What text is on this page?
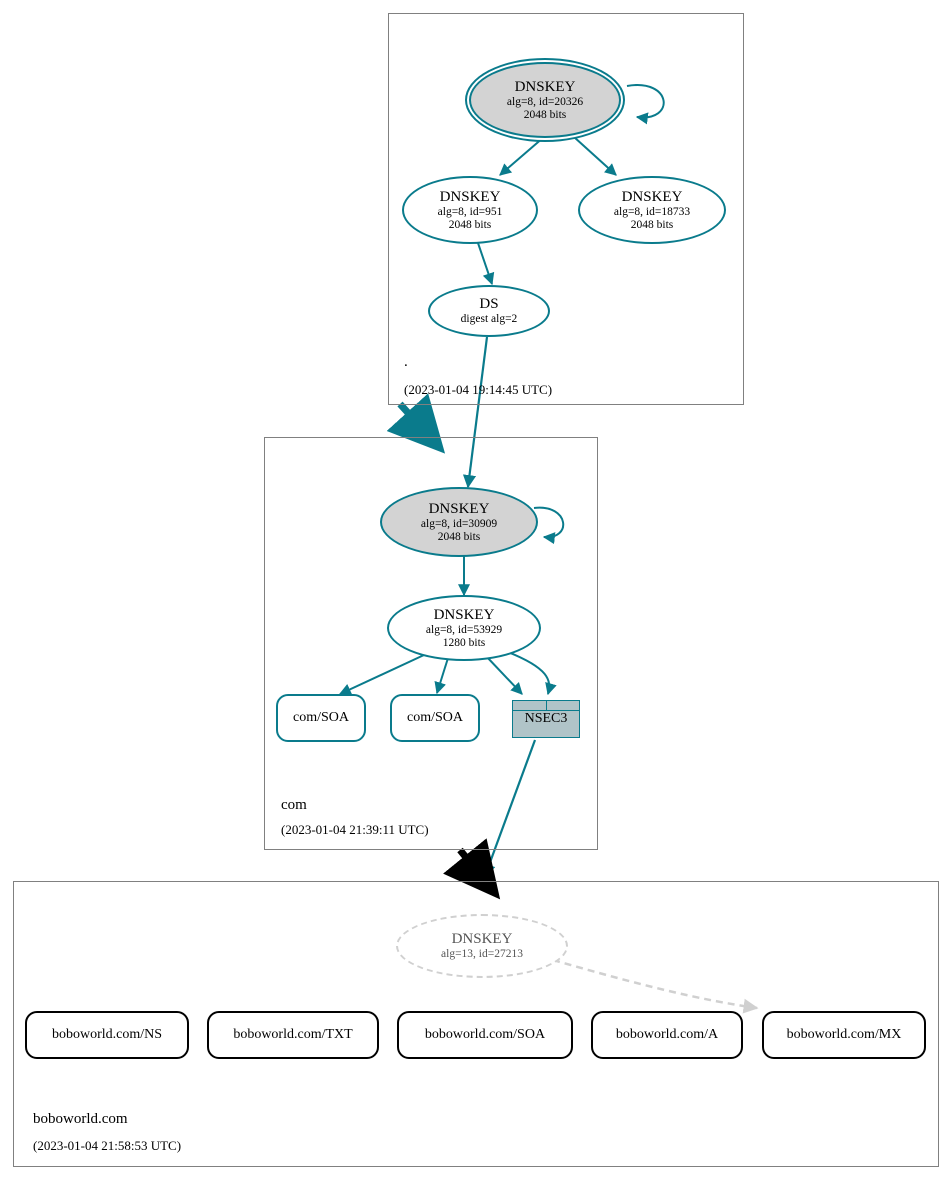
.
(2023-01-04 19:14:45 UTC)
DNSKEY
alg=8, id=20326
2048 bits
DNSKEY
alg=8, id=951
2048 bits
DNSKEY
alg=8, id=18733
2048 bits
DS
digest alg=2
com
(2023-01-04 21:39:11 UTC)
DNSKEY
alg=8, id=30909
2048 bits
DNSKEY
alg=8, id=53929
1280 bits
com/SOA	com/SOA	NSEC3
boboworld.com
(2023-01-04 21:58:53 UTC)
DNSKEY
alg=13, id=27213
boboworld.com/NS	boboworld.com/TXT	boboworld.com/SOA	boboworld.com/A	boboworld.com/MX
